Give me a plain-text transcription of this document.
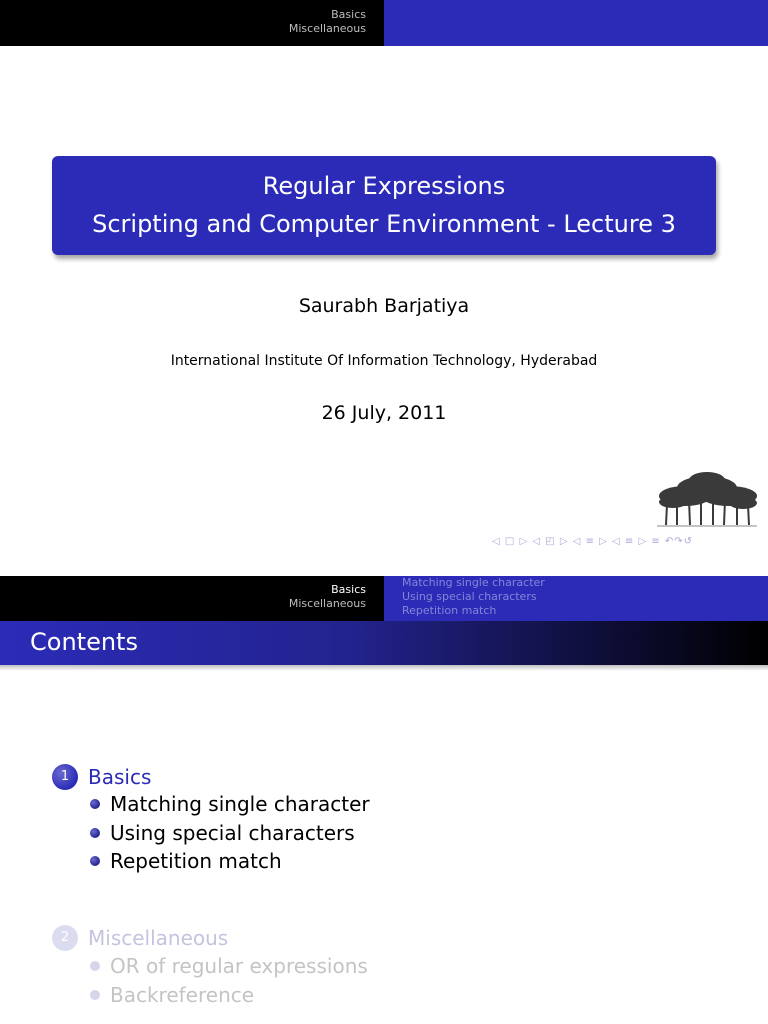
Basics
Miscellaneous
Regular Expressions
Scripting and Computer Environment - Lecture 3
Saurabh Barjatiya
International Institute Of Information Technology, Hyderabad
26 July, 2011
◁ □ ▷ ◁ ◰ ▷ ◁ ≡ ▷ ◁ ≡ ▷ ≡ ↶↷↺
Basics
Miscellaneous
Matching single character
Using special characters
Repetition match
Contents
1 Basics
Matching single character
Using special characters
Repetition match
2 Miscellaneous
OR of regular expressions
Backreference
